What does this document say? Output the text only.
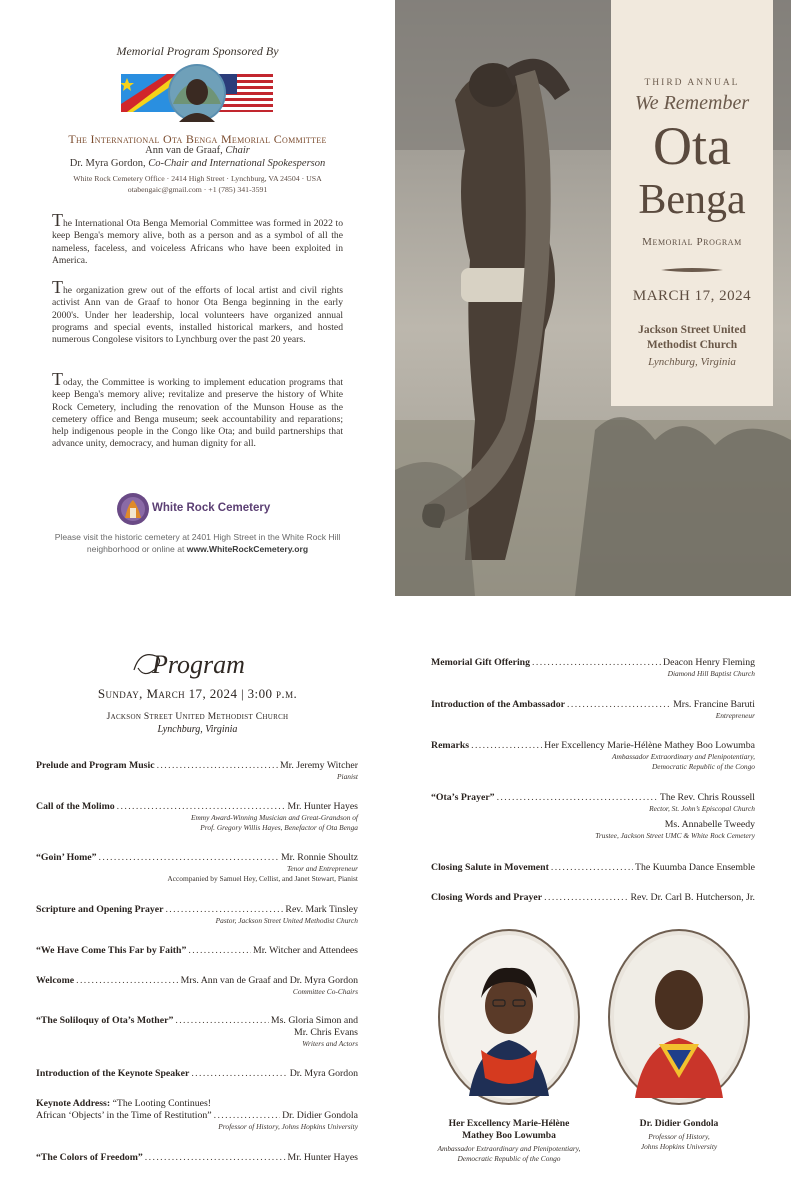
Memorial Program Sponsored By
The International Ota Benga Memorial Committee
Ann van de Graaf, Chair
Dr. Myra Gordon, Co-Chair and International Spokesperson
White Rock Cemetery Office · 2414 High Street · Lynchburg, VA 24504 · USA
otabengaic@gmail.com · +1 (785) 341-3591

The International Ota Benga Memorial Committee was formed in 2022 to keep Benga's memory alive, both as a person and as a symbol of all the nameless, faceless, and voiceless Africans who have been exploited in America.

The organization grew out of the efforts of local artist and civil rights activist Ann van de Graaf to honor Ota Benga beginning in the early 2000's. Under her leadership, local volunteers have organized annual programs and special events, installed historical markers, and hosted numerous Congolese visitors to Lynchburg over the past 20 years.

Today, the Committee is working to implement education programs that keep Benga's memory alive; revitalize and preserve the history of White Rock Cemetery, including the renovation of the Munson House as the cemetery office and Benga museum; seek accountability and reparations; help indigenous people in the Congo like Ota; and build partnerships that advance unity, democracy, and human dignity for all.

White Rock Cemetery
Please visit the historic cemetery at 2401 High Street in the White Rock Hill neighborhood or online at www.WhiteRockCemetery.org
THIRD ANNUAL
We Remember
Ota
Benga
Memorial Program
MARCH 17, 2024
Jackson Street United
Methodist Church
Lynchburg, Virginia
Program
Sunday, March 17, 2024 | 3:00 p.m.
Jackson Street United Methodist Church
Lynchburg, Virginia
Prelude and Program Music .....	Mr. Jeremy Witcher
Pianist
Call of the Molimo .....	Mr. Hunter Hayes
Emmy Award-Winning Musician and Great-Grandson of
Prof. Gregory Willis Hayes, Benefactor of Ota Benga
“Goin’ Home” .....	Mr. Ronnie Shoultz
Tenor and Entrepreneur
Accompanied by Samuel Hey, Cellist, and Janet Stewart, Pianist
Scripture and Opening Prayer .....	Rev. Mark Tinsley
Pastor, Jackson Street United Methodist Church
“We Have Come This Far by Faith” .....	Mr. Witcher and Attendees
Welcome .....	Mrs. Ann van de Graaf and Dr. Myra Gordon
Committee Co-Chairs
“The Soliloquy of Ota’s Mother” .....	Ms. Gloria Simon and
Mr. Chris Evans
Writers and Actors
Introduction of the Keynote Speaker .....	Dr. Myra Gordon
Keynote Address: “The Looting Continues!
African ‘Objects’ in the Time of Restitution” .....	Dr. Didier Gondola
Professor of History, Johns Hopkins University
“The Colors of Freedom” .....	Mr. Hunter Hayes
Memorial Gift Offering .....	Deacon Henry Fleming
Diamond Hill Baptist Church
Introduction of the Ambassador .....	Mrs. Francine Baruti
Entrepreneur
Remarks .....	Her Excellency Marie-Hélène Mathey Boo Lowumba
Ambassador Extraordinary and Plenipotentiary,
Democratic Republic of the Congo
“Ota’s Prayer” .....	The Rev. Chris Roussell
Rector, St. John’s Episcopal Church
Ms. Annabelle Tweedy
Trustee, Jackson Street UMC & White Rock Cemetery
Closing Salute in Movement .....	The Kuumba Dance Ensemble
Closing Words and Prayer .....	Rev. Dr. Carl B. Hutcherson, Jr.
Her Excellency Marie-Hélène
Mathey Boo Lowumba
Ambassador Extraordinary and Plenipotentiary,
Democratic Republic of the Congo
Dr. Didier Gondola
Professor of History,
Johns Hopkins University
